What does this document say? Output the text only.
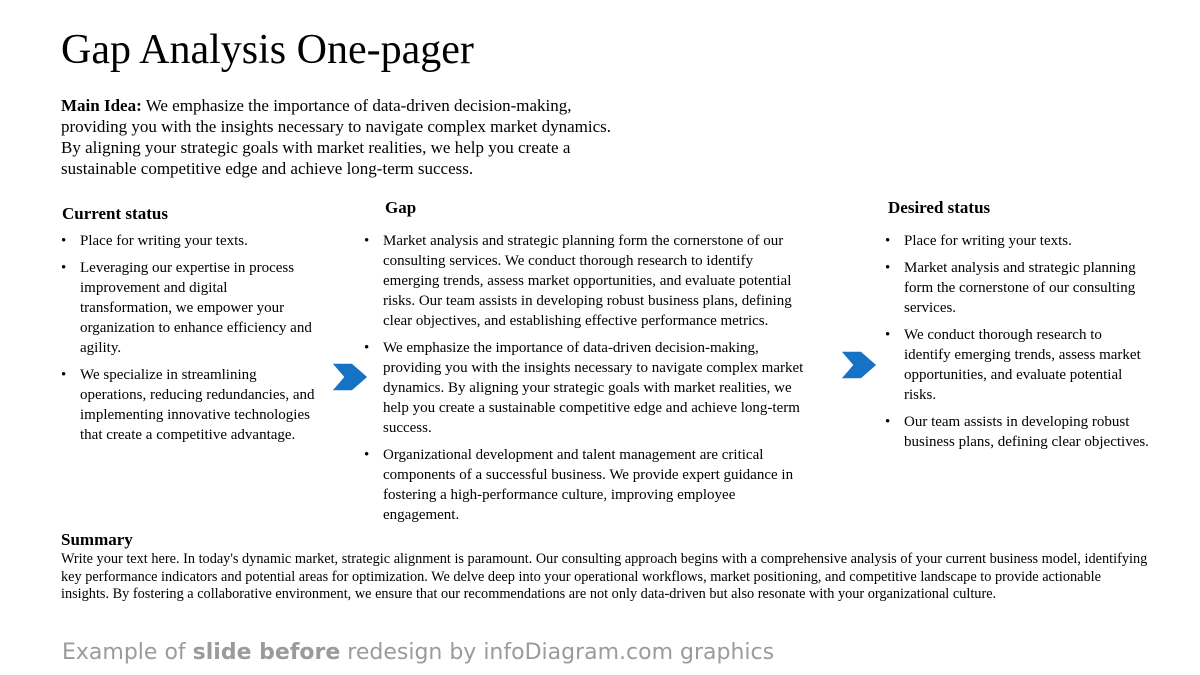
Gap Analysis One-pager
Main Idea: We emphasize the importance of data-driven decision-making, providing you with the insights necessary to navigate complex market dynamics. By aligning your strategic goals with market realities, we help you create a sustainable competitive edge and achieve long-term success.
Current status
• Place for writing your texts.
• Leveraging our expertise in process improvement and digital transformation, we empower your organization to enhance efficiency and agility.
• We specialize in streamlining operations, reducing redundancies, and implementing innovative technologies that create a competitive advantage.
Gap
• Market analysis and strategic planning form the cornerstone of our consulting services. We conduct thorough research to identify emerging trends, assess market opportunities, and evaluate potential risks. Our team assists in developing robust business plans, defining clear objectives, and establishing effective performance metrics.
• We emphasize the importance of data-driven decision-making, providing you with the insights necessary to navigate complex market dynamics. By aligning your strategic goals with market realities, we help you create a sustainable competitive edge and achieve long-term success.
• Organizational development and talent management are critical components of a successful business. We provide expert guidance in fostering a high-performance culture, improving employee engagement.
Desired status
• Place for writing your texts.
• Market analysis and strategic planning form the cornerstone of our consulting services.
• We conduct thorough research to identify emerging trends, assess market opportunities, and evaluate potential risks.
• Our team assists in developing robust business plans, defining clear objectives.
Summary
Write your text here. In today's dynamic market, strategic alignment is paramount. Our consulting approach begins with a comprehensive analysis of your current business model, identifying key performance indicators and potential areas for optimization. We delve deep into your operational workflows, market positioning, and competitive landscape to provide actionable insights. By fostering a collaborative environment, we ensure that our recommendations are not only data-driven but also resonate with your organizational culture.
Example of slide before redesign by infoDiagram.com graphics
